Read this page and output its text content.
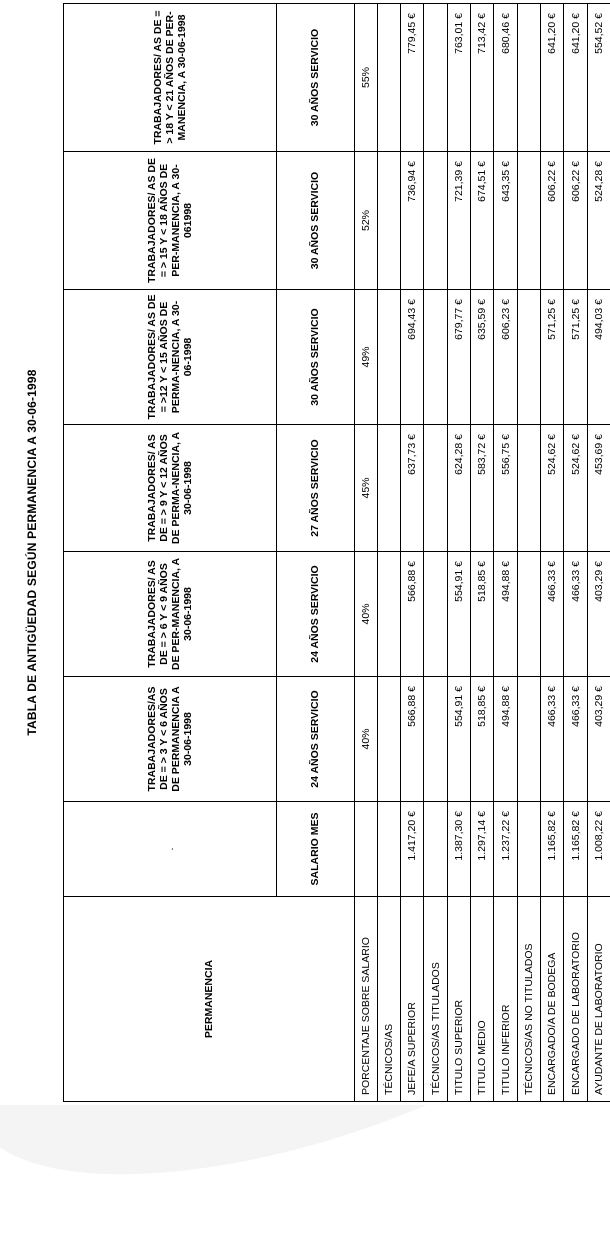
TABLA DE ANTIGÜEDAD SEGÚN PERMANENCIA A 30-06-1998
PERMANENCIA	.	TRABAJADORES/AS DE = > 3 Y < 6 AÑOS DE PERMANENCIA A 30-06-1998	TRABAJADORES/ AS DE = > 6 Y < 9 AÑOS DE PER-MANENCIA, A 30-06-1998	TRABAJADORES/ AS DE = > 9 Y < 12 AÑOS DE PERMA-NENCIA, A 30-06-1998	TRABAJADORES/ AS DE = >12 Y < 15 AÑOS DE PERMA-NENCIA, A 30-06-1998	TRABAJADORES/ AS DE = > 15 Y < 18 AÑOS DE PER-MANENCIA, A 30-061998	TRABAJADORES/ AS DE = > 18 Y < 21 AÑOS DE PER-MANENCIA, A 30-06-1998
	SALARIO MES	24 AÑOS SERVICIO	24 AÑOS SERVICIO	27 AÑOS SERVICIO	30 AÑOS SERVICIO	30 AÑOS SERVICIO	30 AÑOS SERVICIO
PORCENTAJE SOBRE SALARIO		40%	40%	45%	49%	52%	55%
TÉCNICOS/AS							
JEFE/A SUPERIOR	1.417,20 €	566,88 €	566,88 €	637,73 €	694,43 €	736,94 €	779,45 €
TÉCNICOS/AS TITULADOS							
TITULO SUPERIOR	1.387,30 €	554,91 €	554,91 €	624,28 €	679,77 €	721,39 €	763,01 €
TITULO MEDIO	1.297,14 €	518,85 €	518,85 €	583,72 €	635,59 €	674,51 €	713,42 €
TITULO INFERIOR	1.237,22 €	494,88 €	494,88 €	556,75 €	606,23 €	643,35 €	680,46 €
TÉCNICOS/AS NO TITULADOS							
ENCARGADO/A DE BODEGA	1.165,82 €	466,33 €	466,33 €	524,62 €	571,25 €	606,22 €	641,20 €
ENCARGADO DE LABORATORIO	1.165,82 €	466,33 €	466,33 €	524,62 €	571,25 €	606,22 €	641,20 €
AYUDANTE DE LABORATORIO	1.008,22 €	403,29 €	403,29 €	453,69 €	494,03 €	524,28 €	554,52 €
